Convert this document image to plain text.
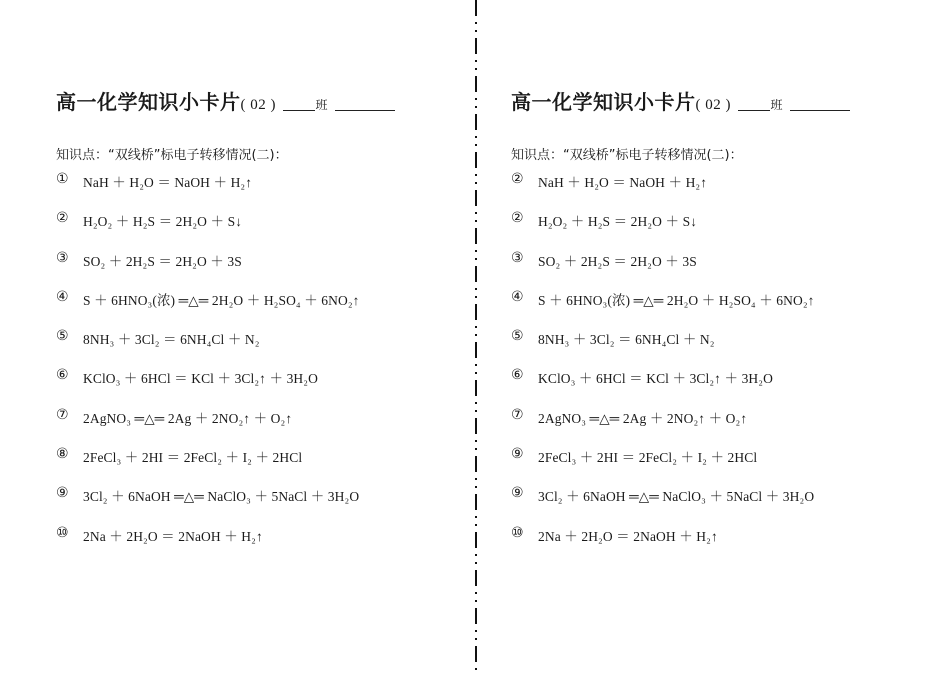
高一化学知识小卡片( 02 )	班
知识点：“双线桥”标电子转移情况(二)：
①	NaH ＋ H₂O ＝ NaOH ＋ H₂↑
②	H₂O₂ ＋ H₂S ＝ 2H₂O ＋ S↓
③	SO₂ ＋ 2H₂S ＝ 2H₂O ＋ 3S
④	S ＋ 6HNO₃(浓) ═△═ 2H₂O ＋ H₂SO₄ ＋ 6NO₂↑
⑤	8NH₃ ＋ 3Cl₂ ＝ 6NH₄Cl ＋ N₂
⑥	KClO₃ ＋ 6HCl ＝ KCl ＋ 3Cl₂↑ ＋ 3H₂O
⑦	2AgNO₃ ═△═ 2Ag ＋ 2NO₂↑ ＋ O₂↑
⑧	2FeCl₃ ＋ 2HI ＝ 2FeCl₂ ＋ I₂ ＋ 2HCl
⑨	3Cl₂ ＋ 6NaOH ═△═ NaClO₃ ＋ 5NaCl ＋ 3H₂O
⑩	2Na ＋ 2H₂O ＝ 2NaOH ＋ H₂↑
高一化学知识小卡片( 02 )	班
知识点：“双线桥”标电子转移情况(二)：
②	NaH ＋ H₂O ＝ NaOH ＋ H₂↑
②	H₂O₂ ＋ H₂S ＝ 2H₂O ＋ S↓
③	SO₂ ＋ 2H₂S ＝ 2H₂O ＋ 3S
④	S ＋ 6HNO₃(浓) ═△═ 2H₂O ＋ H₂SO₄ ＋ 6NO₂↑
⑤	8NH₃ ＋ 3Cl₂ ＝ 6NH₄Cl ＋ N₂
⑥	KClO₃ ＋ 6HCl ＝ KCl ＋ 3Cl₂↑ ＋ 3H₂O
⑦	2AgNO₃ ═△═ 2Ag ＋ 2NO₂↑ ＋ O₂↑
⑨	2FeCl₃ ＋ 2HI ＝ 2FeCl₂ ＋ I₂ ＋ 2HCl
⑨	3Cl₂ ＋ 6NaOH ═△═ NaClO₃ ＋ 5NaCl ＋ 3H₂O
⑩	2Na ＋ 2H₂O ＝ 2NaOH ＋ H₂↑
